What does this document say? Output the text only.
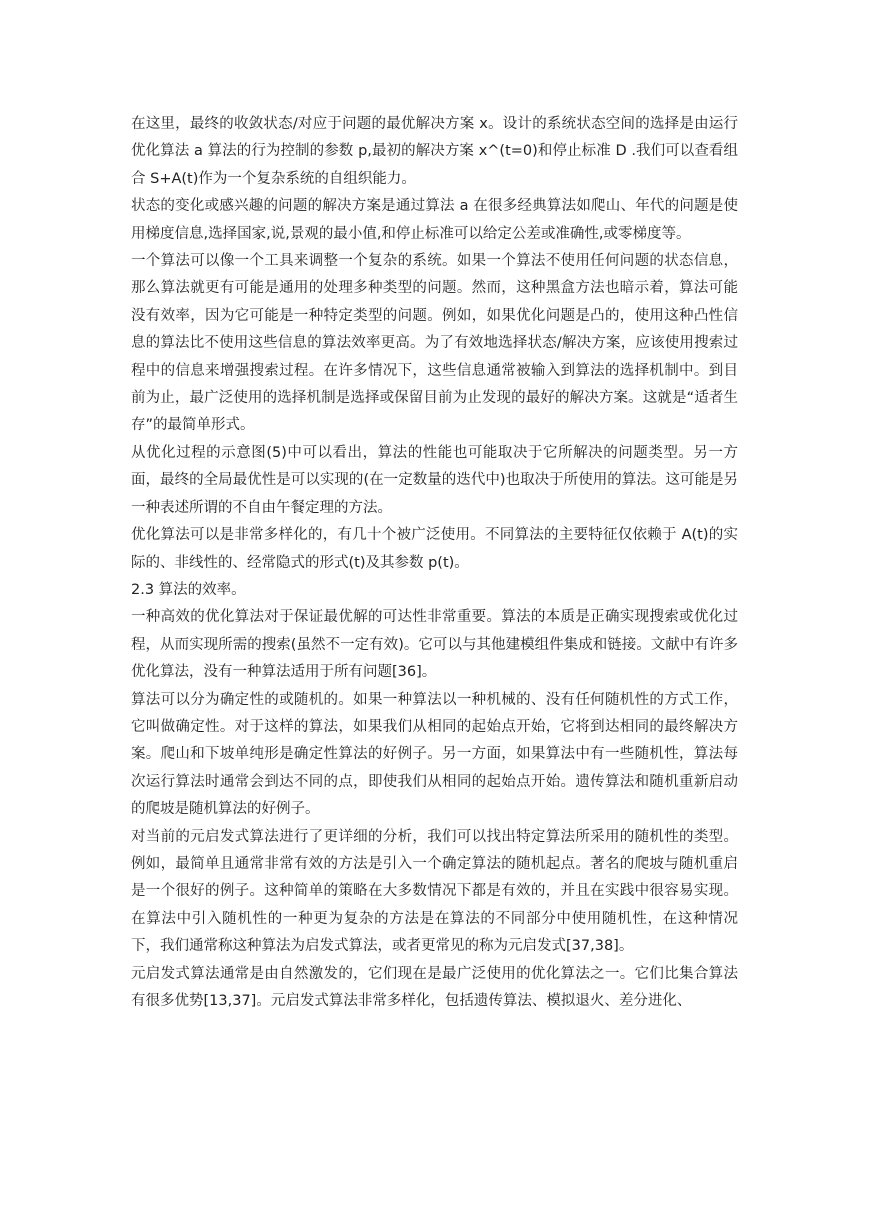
在这里，最终的收敛状态/对应于问题的最优解决方案 x。设计的系统状态空间的选择是由运行优化算法 a 算法的行为控制的参数 p,最初的解决方案 x^(t=0)和停止标准 D .我们可以查看组合 S+A(t)作为一个复杂系统的自组织能力。

状态的变化或感兴趣的问题的解决方案是通过算法 a 在很多经典算法如爬山、年代的问题是使用梯度信息,选择国家,说,景观的最小值,和停止标准可以给定公差或准确性,或零梯度等。

一个算法可以像一个工具来调整一个复杂的系统。如果一个算法不使用任何问题的状态信息，那么算法就更有可能是通用的处理多种类型的问题。然而，这种黑盒方法也暗示着，算法可能没有效率，因为它可能是一种特定类型的问题。例如，如果优化问题是凸的，使用这种凸性信息的算法比不使用这些信息的算法效率更高。为了有效地选择状态/解决方案，应该使用搜索过程中的信息来增强搜索过程。在许多情况下，这些信息通常被输入到算法的选择机制中。到目前为止，最广泛使用的选择机制是选择或保留目前为止发现的最好的解决方案。这就是“适者生存”的最简单形式。

从优化过程的示意图(5)中可以看出，算法的性能也可能取决于它所解决的问题类型。另一方面，最终的全局最优性是可以实现的(在一定数量的迭代中)也取决于所使用的算法。这可能是另一种表述所谓的不自由午餐定理的方法。

优化算法可以是非常多样化的，有几十个被广泛使用。不同算法的主要特征仅依赖于 A(t)的实际的、非线性的、经常隐式的形式(t)及其参数 p(t)。

2.3 算法的效率。

一种高效的优化算法对于保证最优解的可达性非常重要。算法的本质是正确实现搜索或优化过程，从而实现所需的搜索(虽然不一定有效)。它可以与其他建模组件集成和链接。文献中有许多优化算法，没有一种算法适用于所有问题[36]。

算法可以分为确定性的或随机的。如果一种算法以一种机械的、没有任何随机性的方式工作，它叫做确定性。对于这样的算法，如果我们从相同的起始点开始，它将到达相同的最终解决方案。爬山和下坡单纯形是确定性算法的好例子。另一方面，如果算法中有一些随机性，算法每次运行算法时通常会到达不同的点，即使我们从相同的起始点开始。遗传算法和随机重新启动的爬坡是随机算法的好例子。

对当前的元启发式算法进行了更详细的分析，我们可以找出特定算法所采用的随机性的类型。例如，最简单且通常非常有效的方法是引入一个确定算法的随机起点。著名的爬坡与随机重启是一个很好的例子。这种简单的策略在大多数情况下都是有效的，并且在实践中很容易实现。在算法中引入随机性的一种更为复杂的方法是在算法的不同部分中使用随机性，在这种情况下，我们通常称这种算法为启发式算法，或者更常见的称为元启发式[37,38]。

元启发式算法通常是由自然激发的，它们现在是最广泛使用的优化算法之一。它们比集合算法有很多优势[13,37]。元启发式算法非常多样化，包括遗传算法、模拟退火、差分进化、
